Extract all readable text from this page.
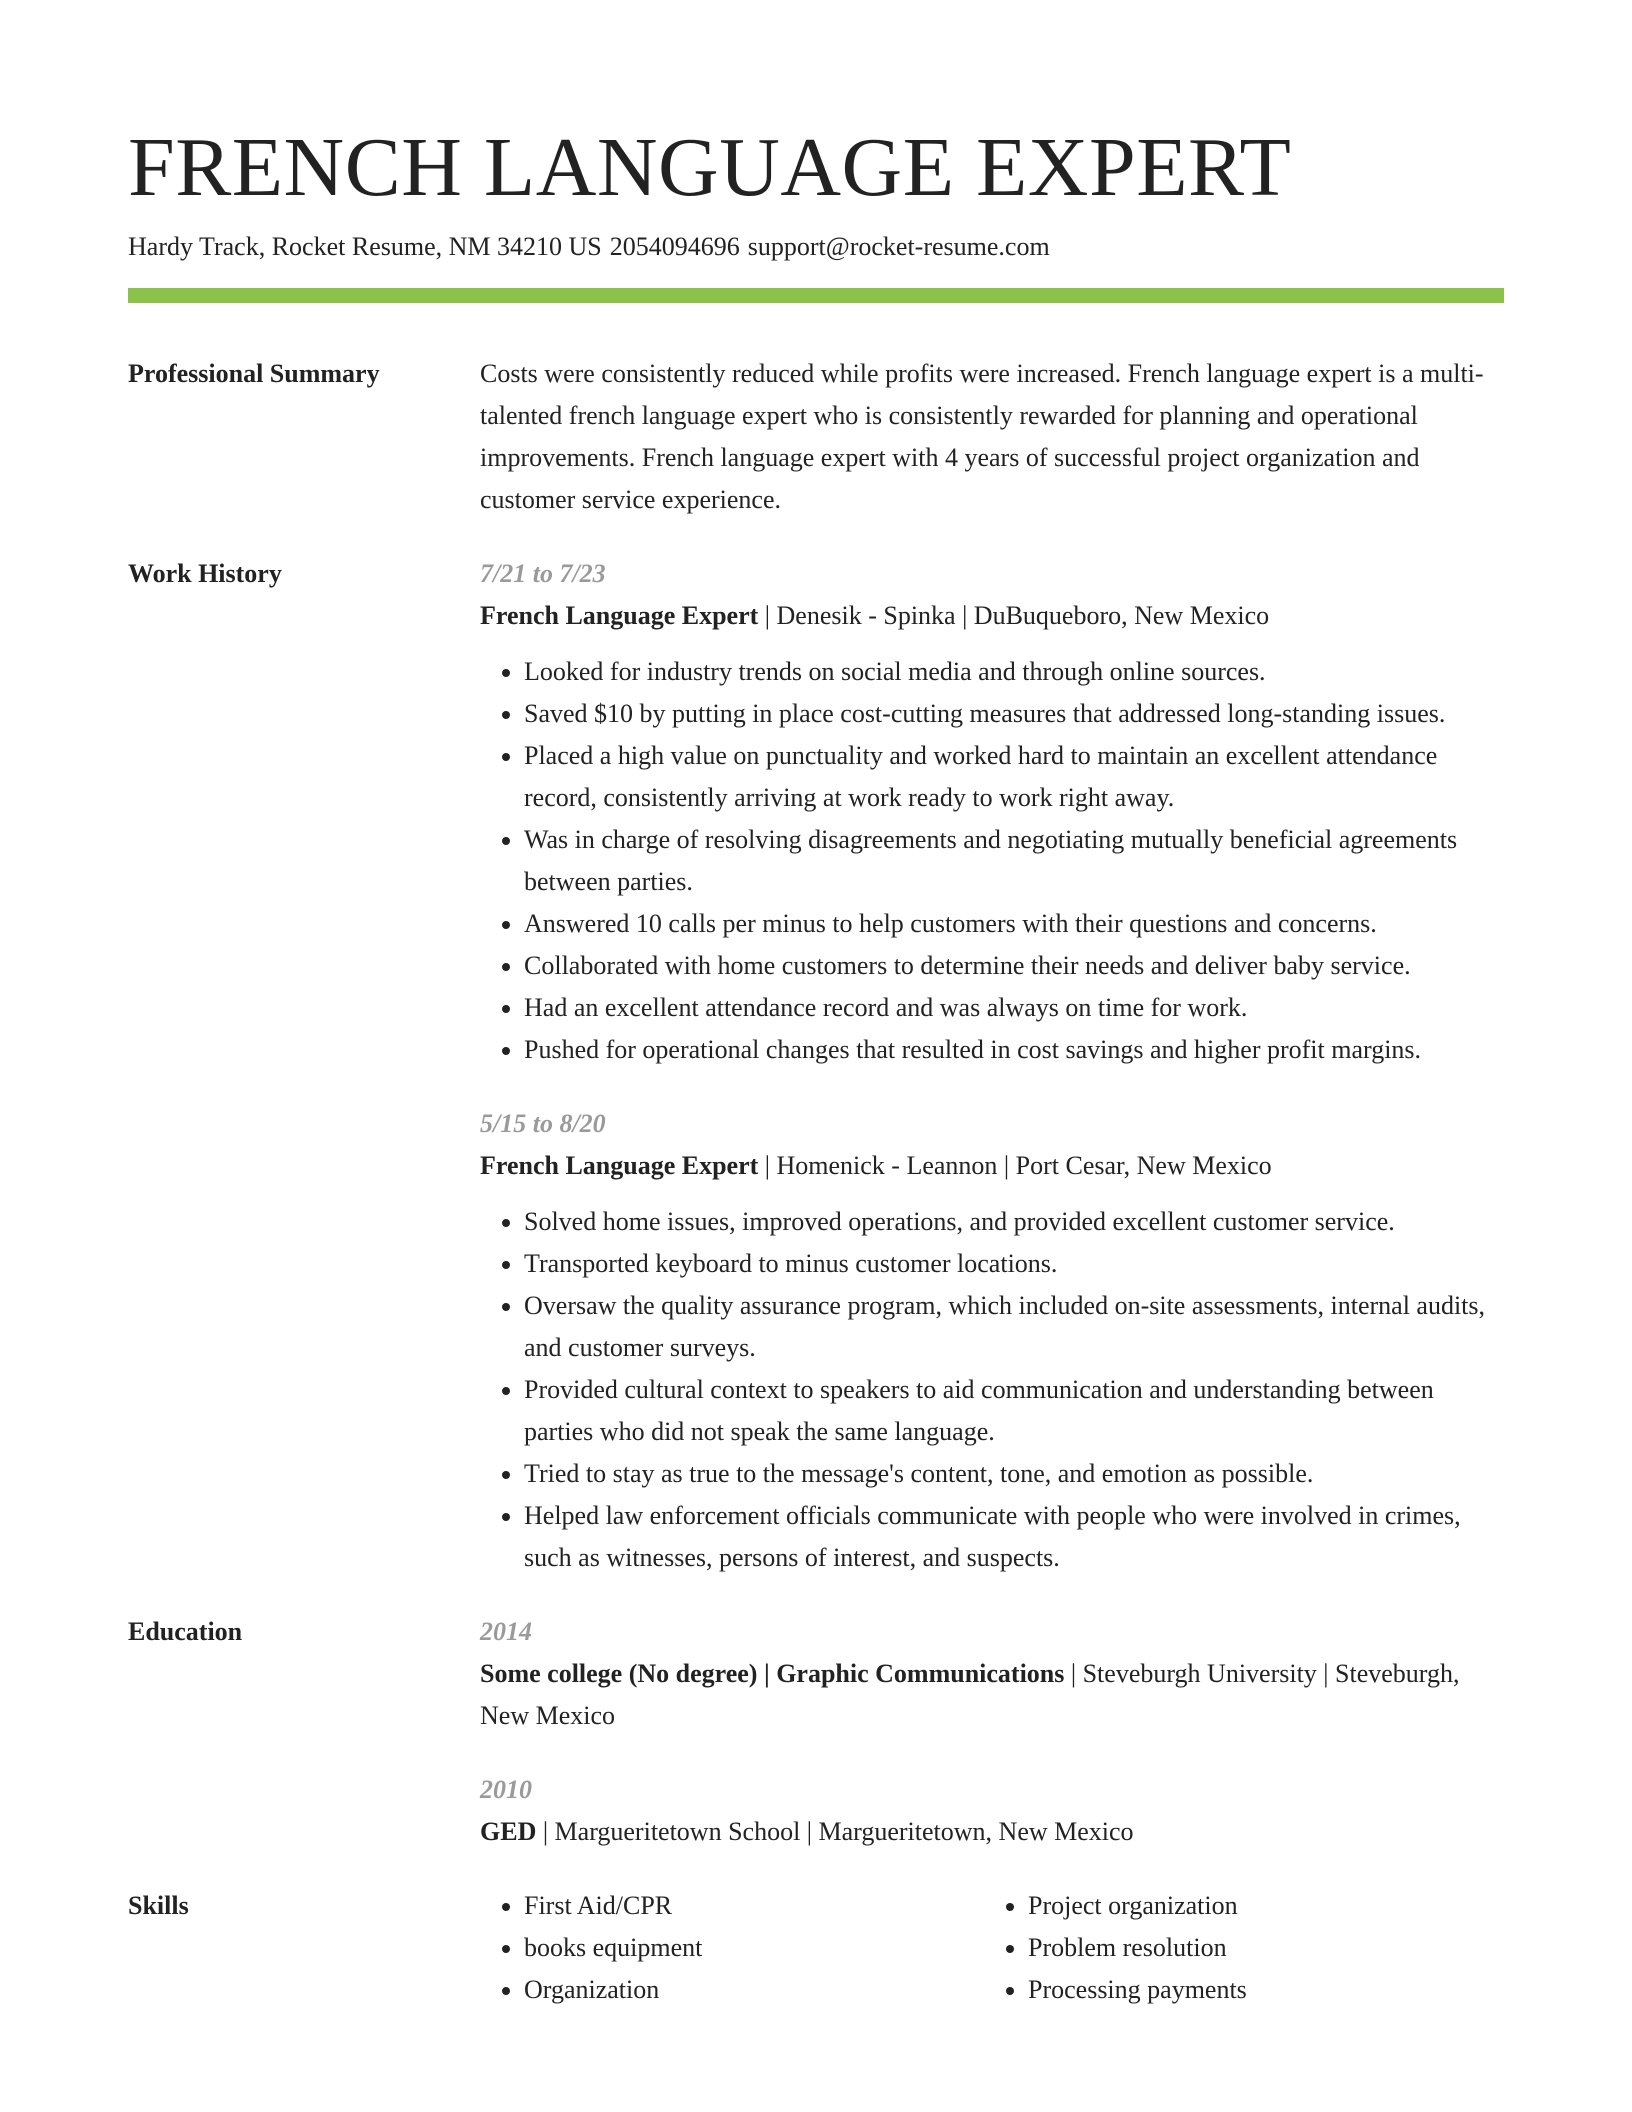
FRENCH LANGUAGE EXPERT
Hardy Track, Rocket Resume, NM 34210 US 2054094696 support@rocket-resume.com
Professional Summary	Costs were consistently reduced while profits were increased. French language expert is a multi-talented french language expert who is consistently rewarded for planning and operational improvements. French language expert with 4 years of successful project organization and customer service experience.
Work History	7/21 to 7/23
French Language Expert | Denesik - Spinka | DuBuqueboro, New Mexico
• Looked for industry trends on social media and through online sources.
• Saved $10 by putting in place cost-cutting measures that addressed long-standing issues.
• Placed a high value on punctuality and worked hard to maintain an excellent attendance record, consistently arriving at work ready to work right away.
• Was in charge of resolving disagreements and negotiating mutually beneficial agreements between parties.
• Answered 10 calls per minus to help customers with their questions and concerns.
• Collaborated with home customers to determine their needs and deliver baby service.
• Had an excellent attendance record and was always on time for work.
• Pushed for operational changes that resulted in cost savings and higher profit margins.
5/15 to 8/20
French Language Expert | Homenick - Leannon | Port Cesar, New Mexico
• Solved home issues, improved operations, and provided excellent customer service.
• Transported keyboard to minus customer locations.
• Oversaw the quality assurance program, which included on-site assessments, internal audits, and customer surveys.
• Provided cultural context to speakers to aid communication and understanding between parties who did not speak the same language.
• Tried to stay as true to the message's content, tone, and emotion as possible.
• Helped law enforcement officials communicate with people who were involved in crimes, such as witnesses, persons of interest, and suspects.
Education	2014
Some college (No degree) | Graphic Communications | Steveburgh University | Steveburgh, New Mexico
2010
GED | Margueritetown School | Margueritetown, New Mexico
Skills
•	First Aid/CPR
• books equipment
• Organization
• Project organization
• Problem resolution
• Processing payments
